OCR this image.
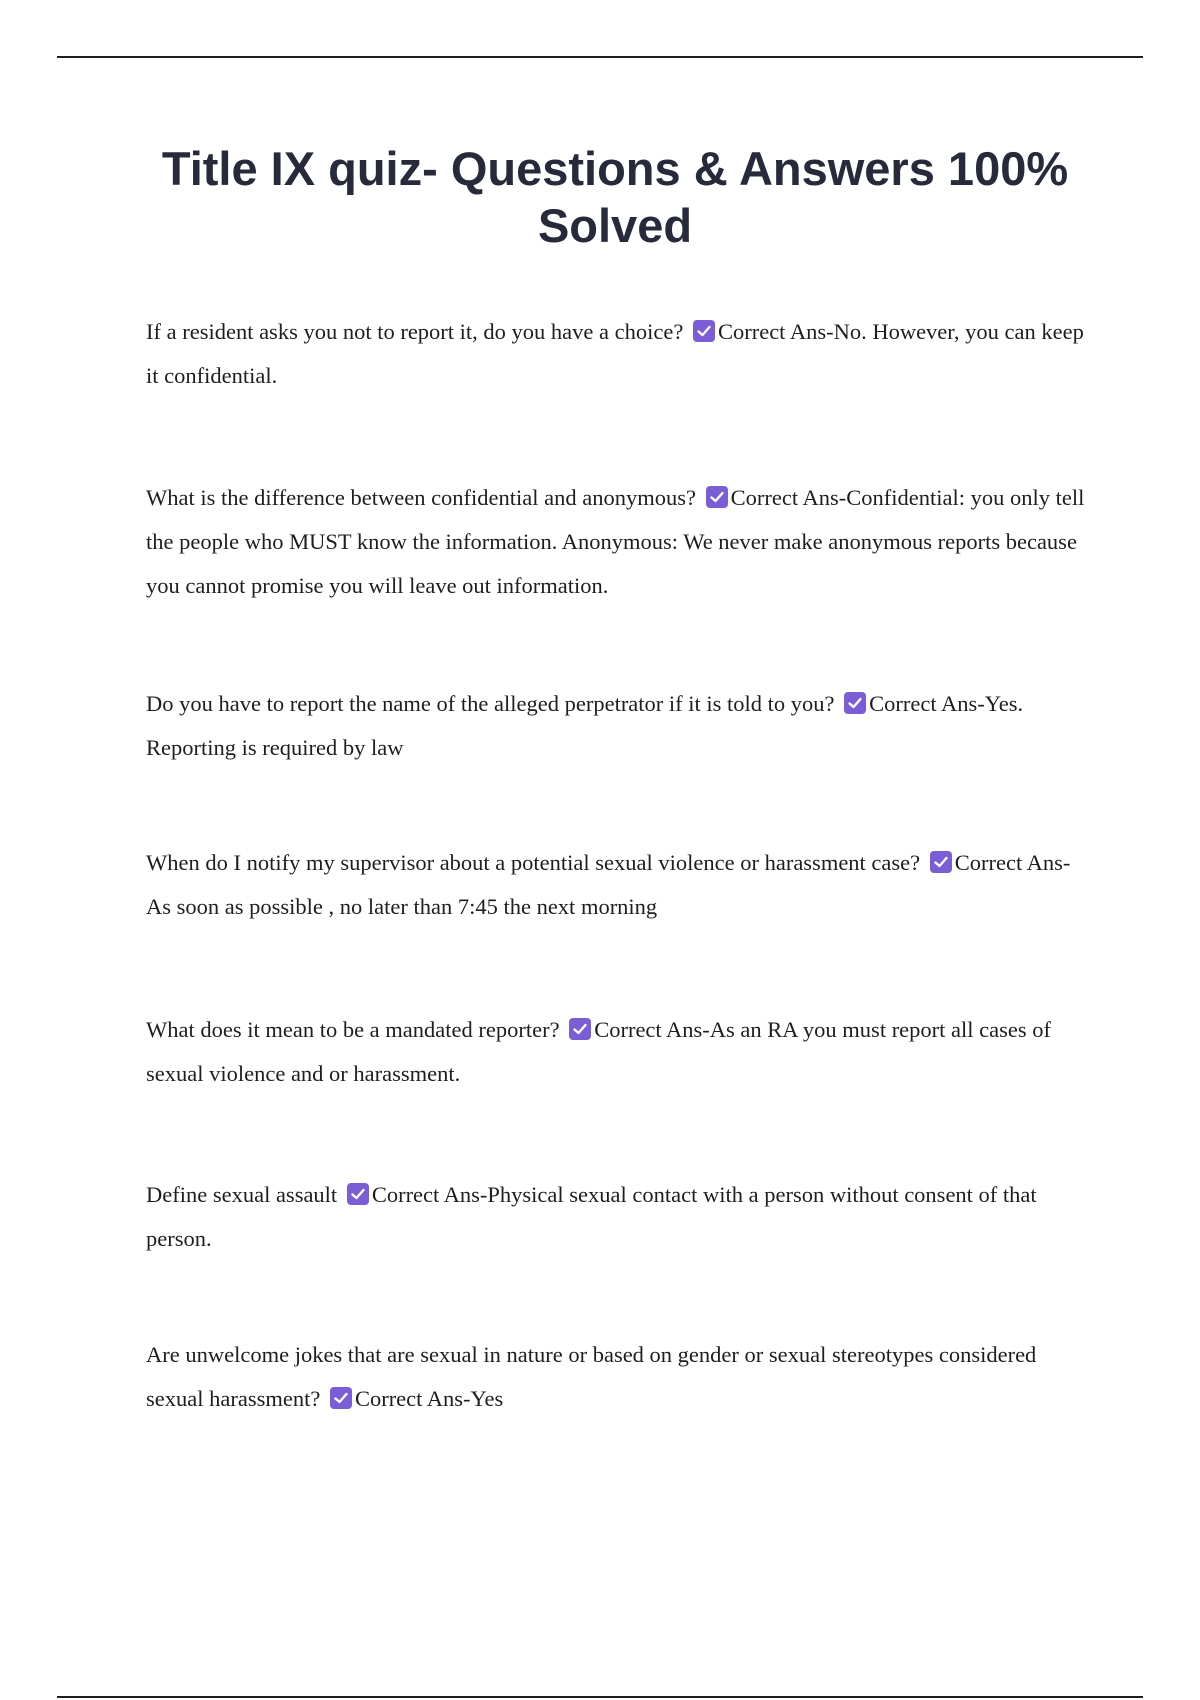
Title IX quiz- Questions & Answers 100% Solved

If a resident asks you not to report it, do you have a choice? Correct Ans-No. However, you can keep it confidential.

What is the difference between confidential and anonymous? Correct Ans-Confidential: you only tell the people who MUST know the information. Anonymous: We never make anonymous reports because you cannot promise you will leave out information.

Do you have to report the name of the alleged perpetrator if it is told to you? Correct Ans-Yes. Reporting is required by law

When do I notify my supervisor about a potential sexual violence or harassment case? Correct Ans-As soon as possible , no later than 7:45 the next morning

What does it mean to be a mandated reporter? Correct Ans-As an RA you must report all cases of sexual violence and or harassment.

Define sexual assault Correct Ans-Physical sexual contact with a person without consent of that person.

Are unwelcome jokes that are sexual in nature or based on gender or sexual stereotypes considered sexual harassment? Correct Ans-Yes
